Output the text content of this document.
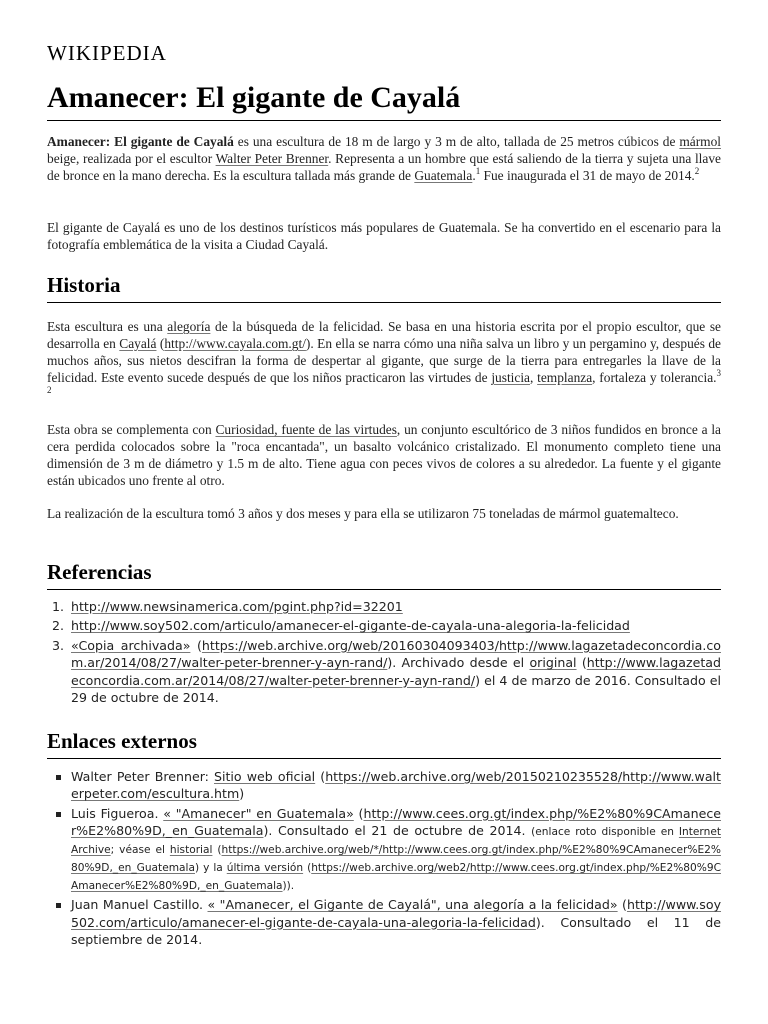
WIKIPEDIA
Amanecer: El gigante de Cayalá

Amanecer: El gigante de Cayalá es una escultura de 18 m de largo y 3 m de alto, tallada de 25 metros cúbicos de mármol beige, realizada por el escultor Walter Peter Brenner. Representa a un hombre que está saliendo de la tierra y sujeta una llave de bronce en la mano derecha. Es la escultura tallada más grande de Guatemala.$^1$ Fue inaugurada el 31 de mayo de 2014.$^2$

El gigante de Cayalá es uno de los destinos turísticos más populares de Guatemala. Se ha convertido en el escenario para la fotografía emblemática de la visita a Ciudad Cayalá.

Historia

Esta escultura es una alegoría de la búsqueda de la felicidad. Se basa en una historia escrita por el propio escultor, que se desarrolla en Cayalá (http://www.cayala.com.gt/). En ella se narra cómo una niña salva un libro y un pergamino y, después de muchos años, sus nietos descifran la forma de despertar al gigante, que surge de la tierra para entregarles la llave de la felicidad. Este evento sucede después de que los niños practicaron las virtudes de justicia, templanza, fortaleza y tolerancia.$^3$ $^2$

Esta obra se complementa con Curiosidad, fuente de las virtudes, un conjunto escultórico de 3 niños fundidos en bronce a la cera perdida colocados sobre la "roca encantada", un basalto volcánico cristalizado. El monumento completo tiene una dimensión de 3 m de diámetro y 1.5 m de alto. Tiene agua con peces vivos de colores a su alrededor. La fuente y el gigante están ubicados uno frente al otro.

La realización de la escultura tomó 3 años y dos meses y para ella se utilizaron 75 toneladas de mármol guatemalteco.

Referencias
1. http://www.newsinamerica.com/pgint.php?id=32201
2. http://www.soy502.com/articulo/amanecer-el-gigante-de-cayala-una-alegoria-la-felicidad
3. «Copia archivada» (https://web.archive.org/web/20160304093403/http://www.lagazetadeconcordia.com.ar/2014/08/27/walter-peter-brenner-y-ayn-rand/). Archivado desde el original (http://www.lagazetadeconcordia.com.ar/2014/08/27/walter-peter-brenner-y-ayn-rand/) el 4 de marzo de 2016. Consultado el 29 de octubre de 2014.
Enlaces externos
Walter Peter Brenner: Sitio web oficial (https://web.archive.org/web/20150210235528/http://www.walterpeter.com/escultura.htm)
Luis Figueroa. « "Amanecer" en Guatemala» (http://www.cees.org.gt/index.php/%E2%80%9CAmanecer%E2%80%9D,_en_Guatemala). Consultado el 21 de octubre de 2014. (enlace roto disponible en Internet Archive; véase el historial (https://web.archive.org/web/*/http://www.cees.org.gt/index.php/%E2%80%9CAmanecer%E2%80%9D,_en_Guatemala) y la última versión (https://web.archive.org/web2/http://www.cees.org.gt/index.php/%E2%80%9CAmanecer%E2%80%9D,_en_Guatemala)).
Juan Manuel Castillo. « "Amanecer, el Gigante de Cayalá", una alegoría a la felicidad» (http://www.soy502.com/articulo/amanecer-el-gigante-de-cayala-una-alegoria-la-felicidad). Consultado el 11 de septiembre de 2014.
